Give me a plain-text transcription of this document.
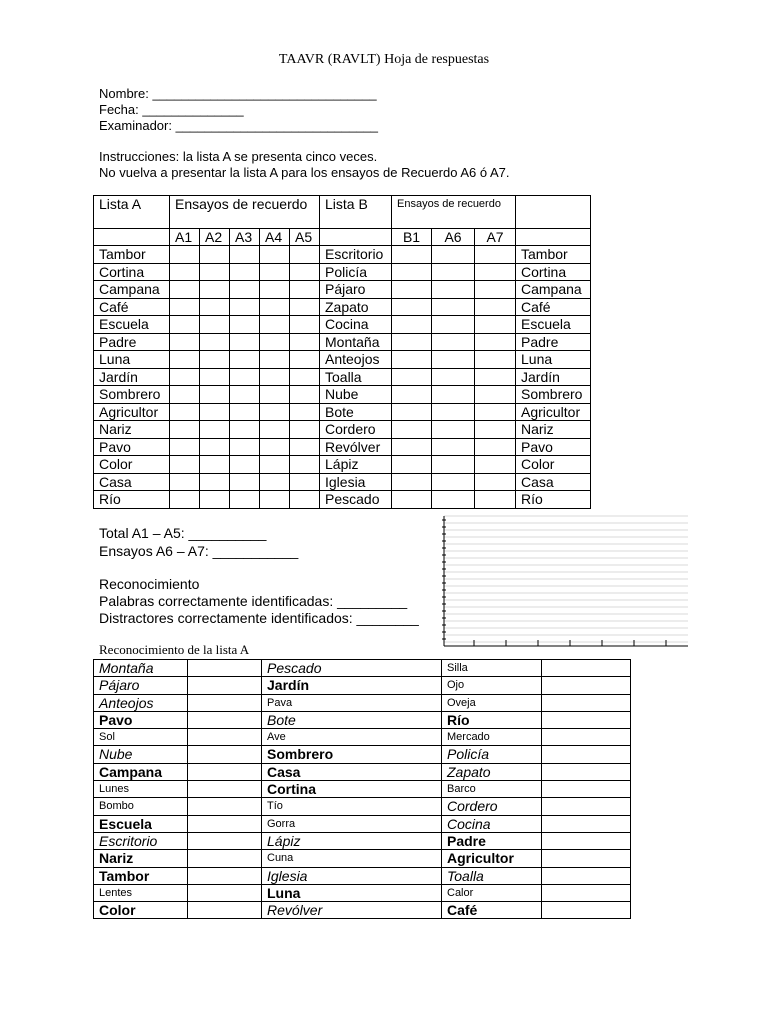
TAAVR (RAVLT) Hoja de respuestas
Nombre: _______________________________
Fecha: ______________
Examinador: ____________________________
Instrucciones: la lista A se presenta cinco veces.
No vuelva a presentar la lista A para los ensayos de Recuerdo A6 ó A7.
Lista A	Ensayos de recuerdo					Lista B	Ensayos de recuerdo			
	A1	A2	A3	A4	A5		B1	A6	A7	
Tambor						Escritorio				Tambor
Cortina						Policía				Cortina
Campana						Pájaro				Campana
Café						Zapato				Café
Escuela						Cocina				Escuela
Padre						Montaña				Padre
Luna						Anteojos				Luna
Jardín						Toalla				Jardín
Sombrero						Nube				Sombrero
Agricultor						Bote				Agricultor
Nariz						Cordero				Nariz
Pavo						Revólver				Pavo
Color						Lápiz				Color
Casa						Iglesia				Casa
Río						Pescado				Río
Total A1 – A5: __________
Ensayos A6 – A7: ___________
Reconocimiento
Palabras correctamente identificadas: _________
Distractores correctamente identificados: ________
Reconocimiento de la lista A
Montaña		Pescado	Silla	
Pájaro		Jardín	Ojo	
Anteojos		Pava	Oveja	
Pavo		Bote	Río	
Sol		Ave	Mercado	
Nube		Sombrero	Policía	
Campana		Casa	Zapato	
Lunes		Cortina	Barco	
Bombo		Tío	Cordero	
Escuela		Gorra	Cocina	
Escritorio		Lápiz	Padre	
Nariz		Cuna	Agricultor	
Tambor		Iglesia	Toalla	
Lentes		Luna	Calor	
Color		Revólver	Café	
